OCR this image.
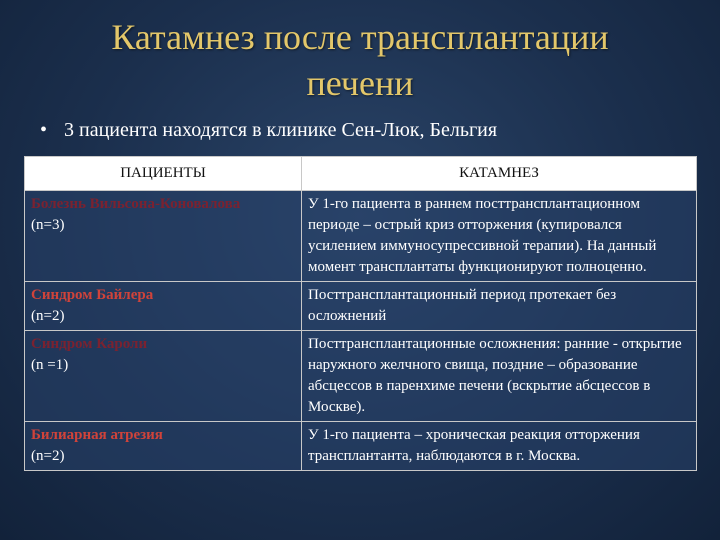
Катамнез после трансплантации
печени
• 3 пациента находятся в клинике Сен-Люк, Бельгия
ПАЦИЕНТЫ	КАТАМНЕЗ

Болезнь Вильсона-Коновалова
(n=3)	У 1-го пациента в раннем посттрансплантационном периоде – острый криз отторжения (купировался усилением иммуносупрессивной терапии). На данный момент трансплантаты функционируют полноценно.

Синдром Байлера
(n=2)	Посттрансплантационный период протекает без осложнений

Синдром Кароли
(n =1)	Посттрансплантационные осложнения: ранние - открытие наружного желчного свища, поздние – образование абсцессов в паренхиме печени (вскрытие абсцессов в Москве).

Билиарная атрезия
(n=2)	У 1-го пациента – хроническая реакция отторжения трансплантанта, наблюдаются в г. Москва.
